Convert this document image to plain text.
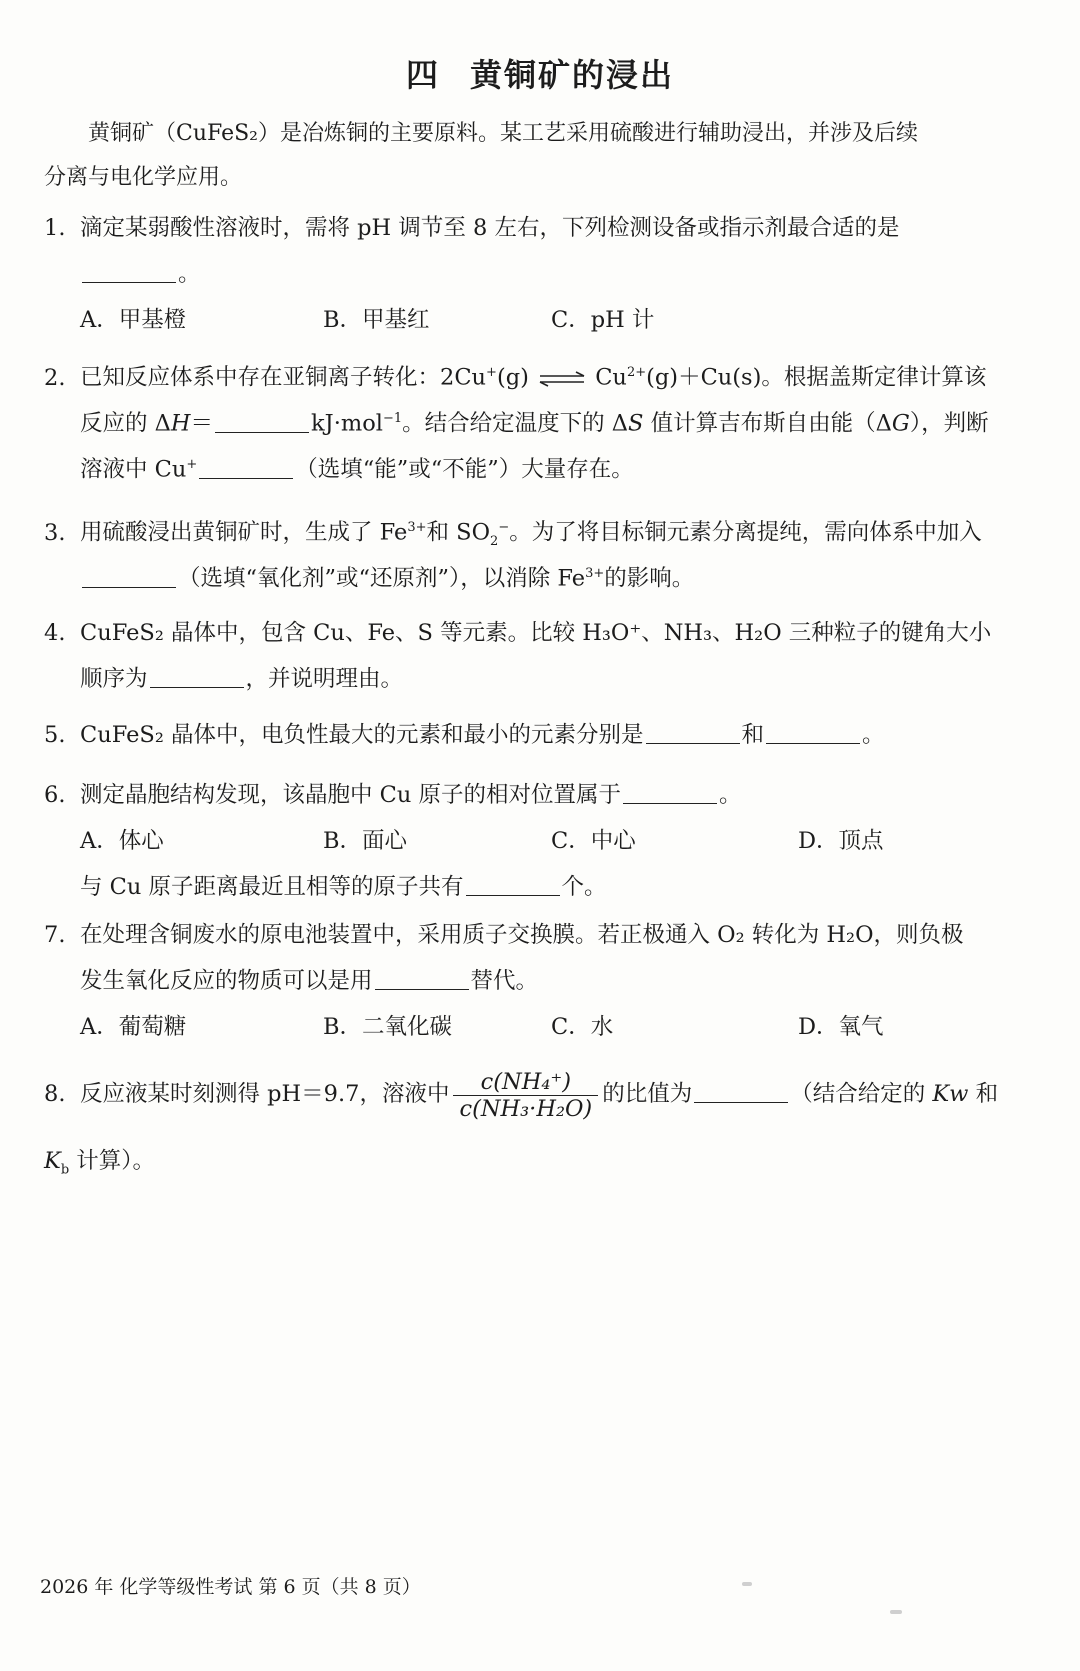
四 黄铜矿的浸出
黄铜矿（CuFeS₂）是冶炼铜的主要原料。某工艺采用硫酸进行辅助浸出，并涉及后续
分离与电化学应用。
1. 滴定某弱酸性溶液时，需将 pH 调节至 8 左右，下列检测设备或指示剂最合适的是
。
A．甲基橙	B．甲基红	C．pH 计
2. 已知反应体系中存在亚铜离子转化：2Cu+(g) ⇌ $Cu^{2+}(g)+Cu(s)$。根据盖斯定律计算该
反应的 ΔH＝	kJ·mol$^{-1}$。结合给定温度下的 ΔS 值计算吉布斯自由能（ΔG），判断
溶液中 Cu+	（选填“能”或“不能”）大量存在。
3. 用硫酸浸出黄铜矿时，生成了 $Fe^{3+}$和 $SO_2^-$。为了将目标铜元素分离提纯，需向体系中加入
（选填“氧化剂”或“还原剂”），以消除 $Fe^{3+}$的影响。
4. CuFeS₂ 晶体中，包含 Cu、Fe、S 等元素。比较 H₃O⁺、NH₃、H₂O 三种粒子的键角大小
顺序为	，并说明理由。
5. CuFeS₂ 晶体中，电负性最大的元素和最小的元素分别是	和	。
6. 测定晶胞结构发现，该晶胞中 Cu 原子的相对位置属于	。
A．体心	B．面心	C．中心	D．顶点
与 Cu 原子距离最近且相等的原子共有	个。
7. 在处理含铜废水的原电池装置中，采用质子交换膜。若正极通入 O₂ 转化为 H₂O，则负极
发生氧化反应的物质可以是用	替代。
A．葡萄糖	B．二氧化碳	C．水	D．氧气
8. 反应液某时刻测得 pH＝9.7，溶液中 $\frac{\text{c(NH₄⁺)}}{\text{c(NH₃·H₂O)}}$ 的比值为	（结合给定的 Kw 和
$K_b$ 计算）。
2026 年 化学等级性考试 第 6 页（共 8 页）
